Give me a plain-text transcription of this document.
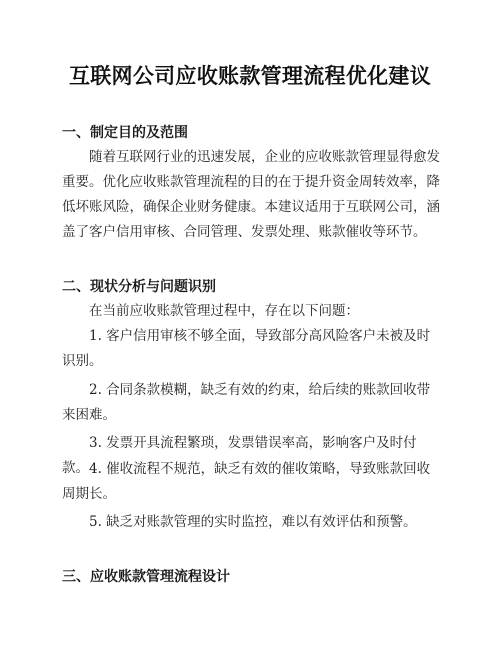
互联网公司应收账款管理流程优化建议
一、制定目的及范围

随着互联网行业的迅速发展，企业的应收账款管理显得愈发重要。优化应收账款管理流程的目的在于提升资金周转效率，降低坏账风险，确保企业财务健康。本建议适用于互联网公司，涵盖了客户信用审核、合同管理、发票处理、账款催收等环节。

二、现状分析与问题识别

在当前应收账款管理过程中，存在以下问题：

1. 客户信用审核不够全面，导致部分高风险客户未被及时识别。

2. 合同条款模糊，缺乏有效的约束，给后续的账款回收带来困难。

3. 发票开具流程繁琐，发票错误率高，影响客户及时付款。 4. 催收流程不规范，缺乏有效的催收策略，导致账款回收周期长。

5. 缺乏对账款管理的实时监控，难以有效评估和预警。

三、应收账款管理流程设计
